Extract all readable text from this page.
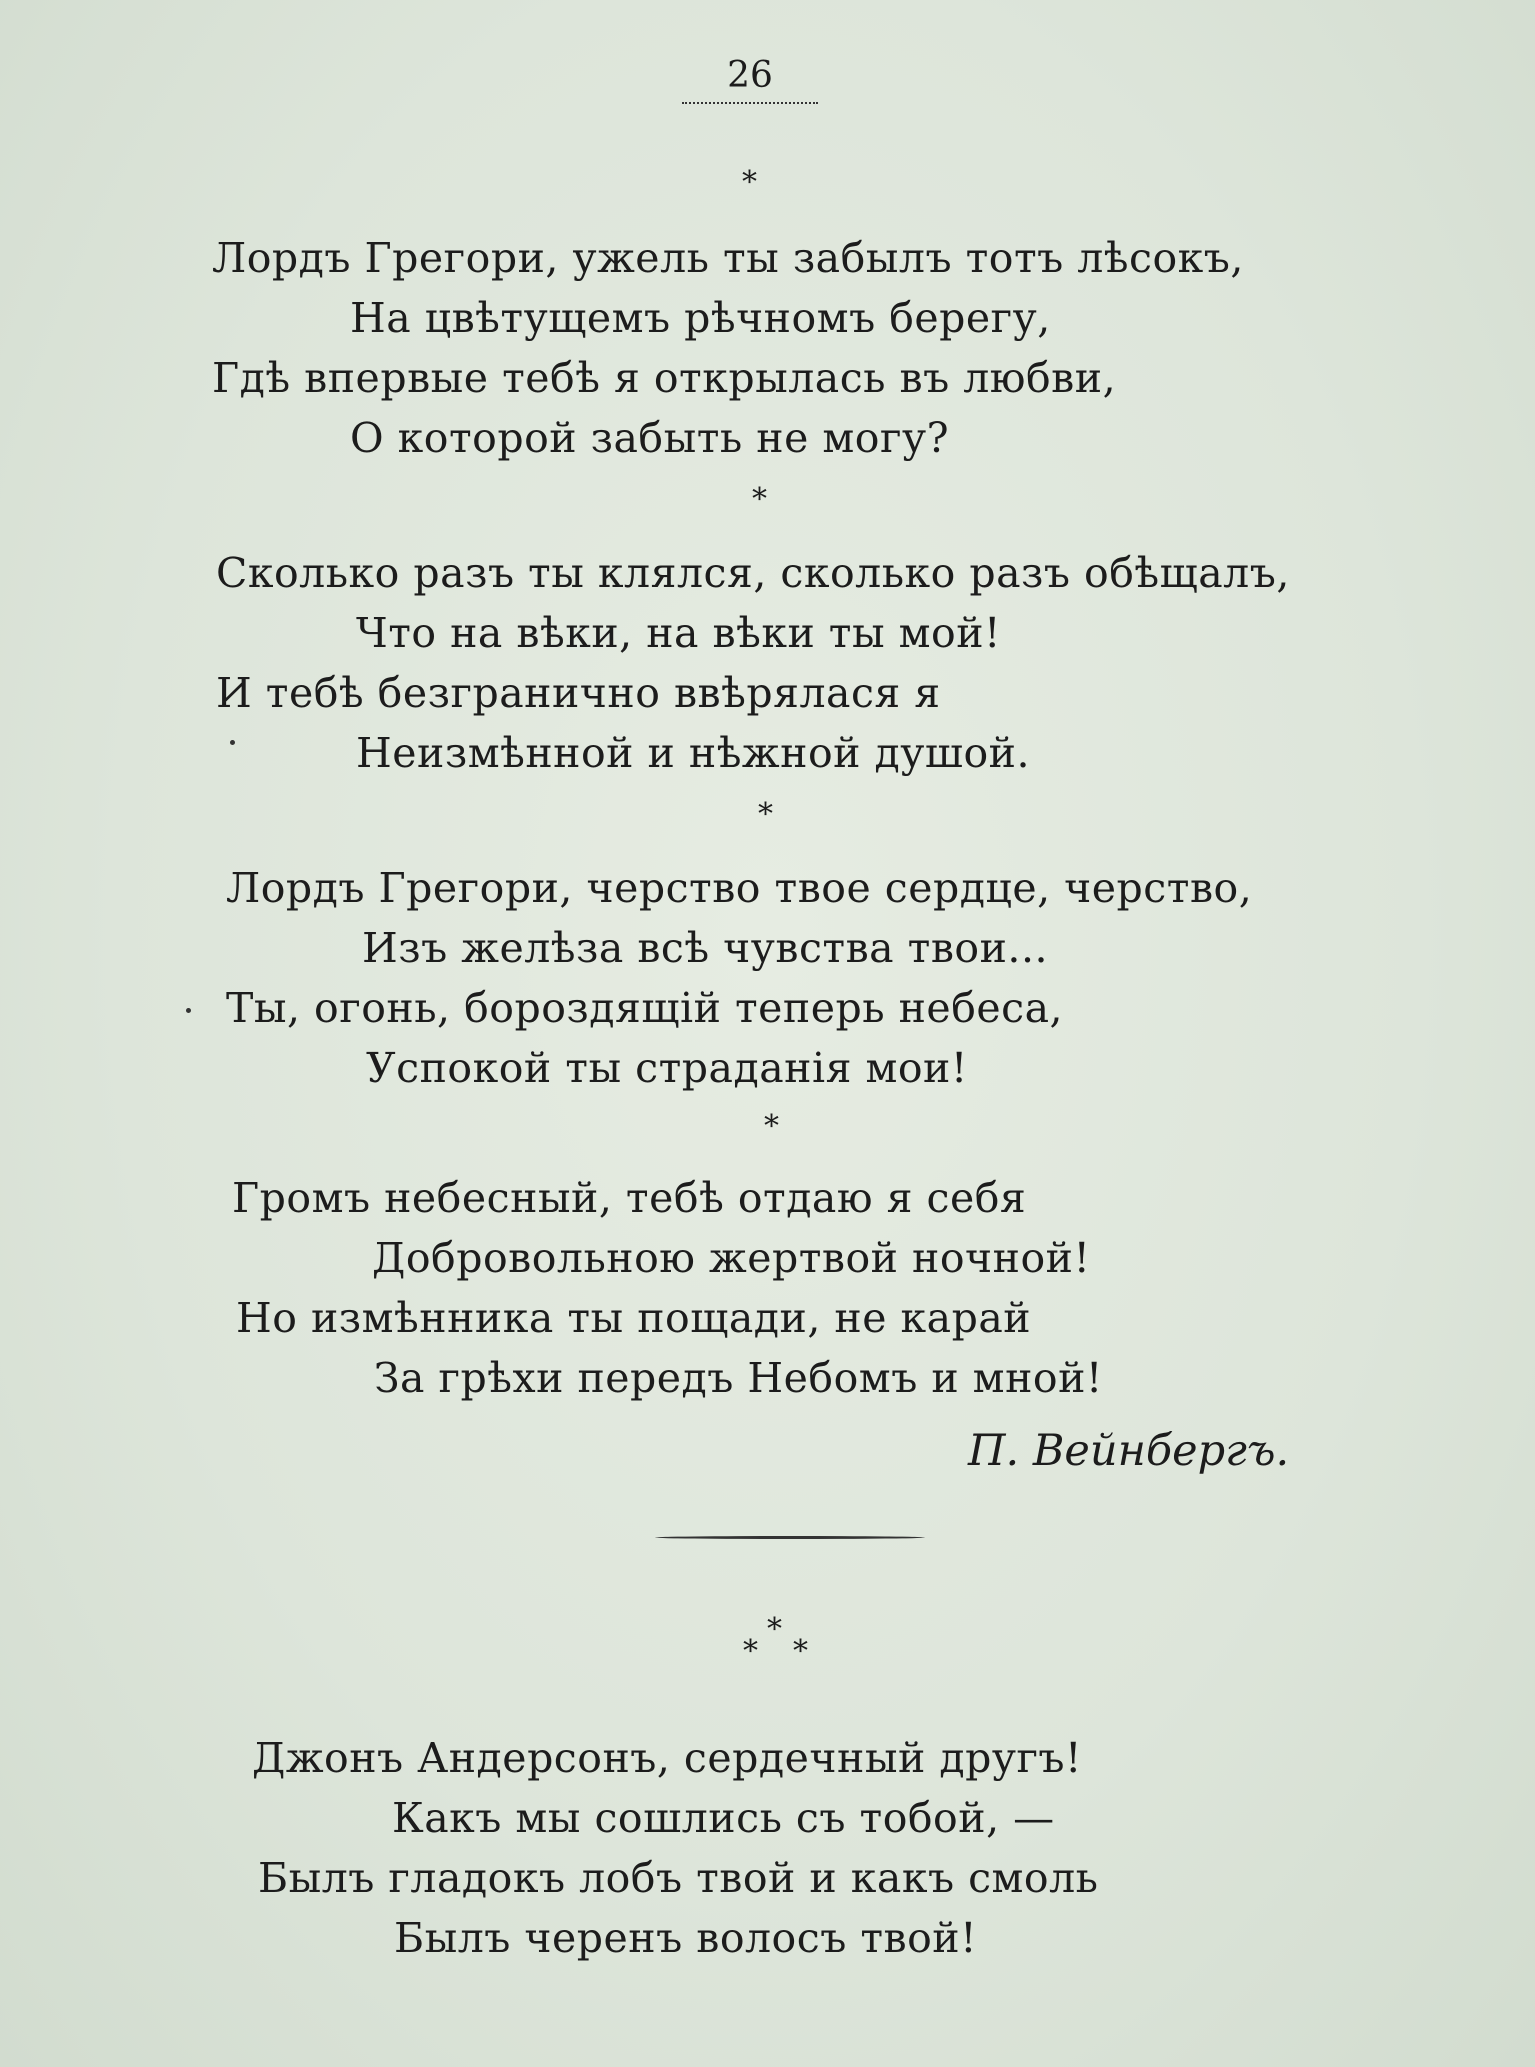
26
*
Лордъ Грегори, ужель ты забылъ тотъ лѣсокъ,
На цвѣтущемъ рѣчномъ берегу,
Гдѣ впервые тебѣ я открылась въ любви,
О которой забыть не могу?
*
Сколько разъ ты клялся, сколько разъ обѣщалъ,
Что на вѣки, на вѣки ты мой!
И тебѣ безгранично ввѣрялася я
Неизмѣнной и нѣжной душой.
*
Лордъ Грегори, черство твое сердце, черство,
Изъ желѣза всѣ чувства твои...
Ты, огонь, бороздящій теперь небеса,
Успокой ты страданія мои!
*
Громъ небесный, тебѣ отдаю я себя
Добровольною жертвой ночной!
Но измѣнника ты пощади, не карай
За грѣхи передъ Небомъ и мной!
П. Вейнбергъ.
*
* *
Джонъ Андерсонъ, сердечный другъ!
Какъ мы сошлись съ тобой, —
Былъ гладокъ лобъ твой и какъ смоль
Былъ черенъ волосъ твой!
